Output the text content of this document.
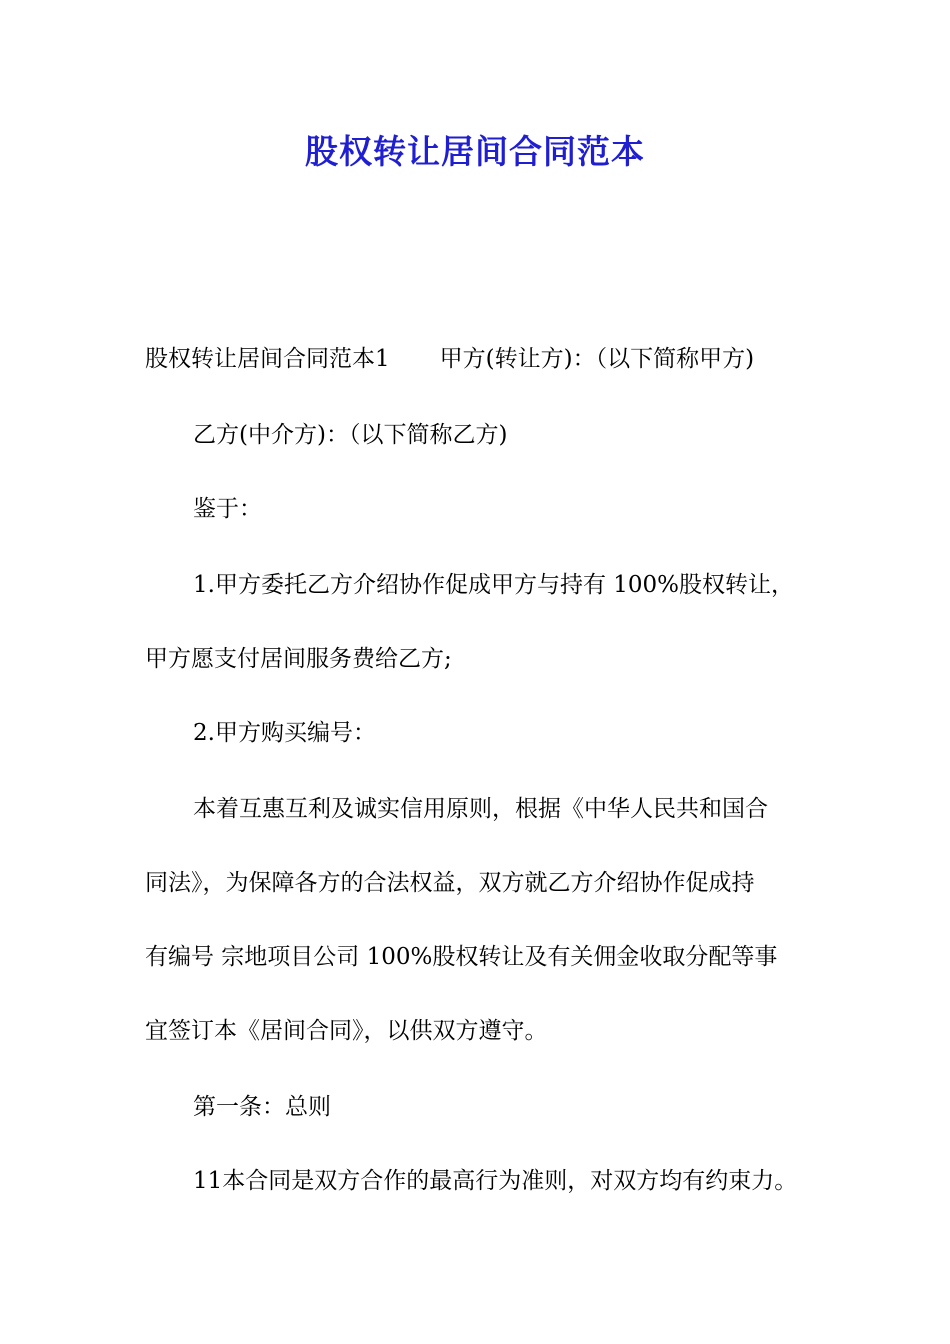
股权转让居间合同范本

股权转让居间合同范本1 甲方(转让方)：（以下简称甲方)

乙方(中介方)：（以下简称乙方)

鉴于：

1.甲方委托乙方介绍协作促成甲方与持有 100%股权转让，

甲方愿支付居间服务费给乙方;

2.甲方购买编号：

本着互惠互利及诚实信用原则，根据《中华人民共和国合

同法》，为保障各方的合法权益，双方就乙方介绍协作促成持

有编号 宗地项目公司 100%股权转让及有关佣金收取分配等事

宜签订本《居间合同》，以供双方遵守。

第一条：总则

11本合同是双方合作的最高行为准则，对双方均有约束力。
